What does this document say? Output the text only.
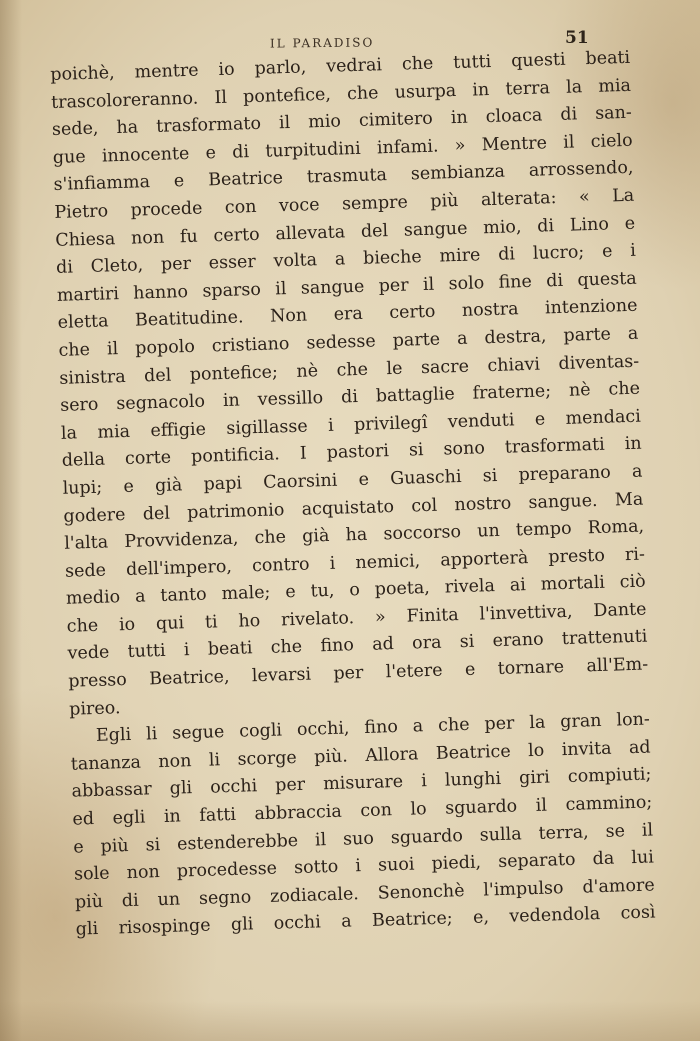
IL PARADISO	51
poichè, mentre io parlo, vedrai che tutti questi beati
trascoloreranno. Il pontefice, che usurpa in terra la mia
sede, ha trasformato il mio cimitero in cloaca di san-
gue innocente e di turpitudini infami. » Mentre il cielo
s'infiamma e Beatrice trasmuta sembianza arrossendo,
Pietro procede con voce sempre più alterata: « La
Chiesa non fu certo allevata del sangue mio, di Lino e
di Cleto, per esser volta a bieche mire di lucro; e i
martiri hanno sparso il sangue per il solo fine di questa
eletta Beatitudine. Non era certo nostra intenzione
che il popolo cristiano sedesse parte a destra, parte a
sinistra del pontefice; nè che le sacre chiavi diventas-
sero segnacolo in vessillo di battaglie fraterne; nè che
la mia effigie sigillasse i privilegî venduti e mendaci
della corte pontificia. I pastori si sono trasformati in
lupi; e già papi Caorsini e Guaschi si preparano a
godere del patrimonio acquistato col nostro sangue. Ma
l'alta Provvidenza, che già ha soccorso un tempo Roma,
sede dell'impero, contro i nemici, apporterà presto ri-
medio a tanto male; e tu, o poeta, rivela ai mortali ciò
che io qui ti ho rivelato. » Finita l'invettiva, Dante
vede tutti i beati che fino ad ora si erano trattenuti
presso Beatrice, levarsi per l'etere e tornare all'Em-
pireo.
Egli li segue cogli occhi, fino a che per la gran lon-
tananza non li scorge più. Allora Beatrice lo invita ad
abbassar gli occhi per misurare i lunghi giri compiuti;
ed egli in fatti abbraccia con lo sguardo il cammino;
e più si estenderebbe il suo sguardo sulla terra, se il
sole non procedesse sotto i suoi piedi, separato da lui
più di un segno zodiacale. Senonchè l'impulso d'amore
gli risospinge gli occhi a Beatrice; e, vedendola così
